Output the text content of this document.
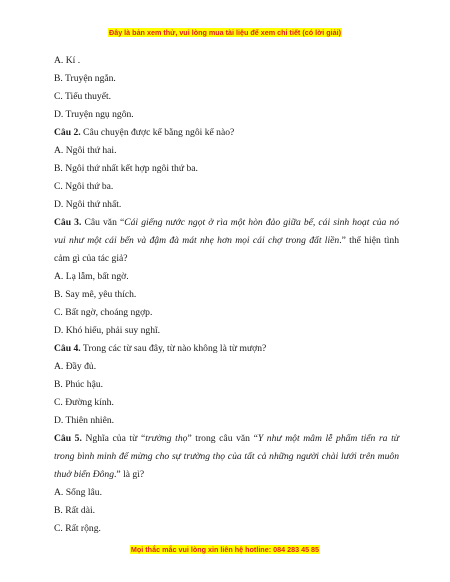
Đây là bản xem thử, vui lòng mua tài liệu để xem chi tiết (có lời giải)
A. Kí .
B. Truyện ngắn.
C. Tiểu thuyết.
D. Truyện ngụ ngôn.
Câu 2. Câu chuyện được kể bằng ngôi kể nào?
A. Ngôi thứ hai.
B. Ngôi thứ nhất kết hợp ngôi thứ ba.
C. Ngôi thứ ba.
D. Ngôi thứ nhất.
Câu 3. Câu văn “Cái giếng nước ngọt ở rìa một hòn đảo giữa bể, cái sinh hoạt của nó vui như một cái bến và đậm đà mát nhẹ hơn mọi cái chợ trong đất liền.” thể hiện tình cảm gì của tác giả?
A. Lạ lẫm, bất ngờ.
B. Say mê, yêu thích.
C. Bất ngờ, choáng ngợp.
D. Khó hiểu, phải suy nghĩ.
Câu 4. Trong các từ sau đây, từ nào không là từ mượn?
A. Đầy đủ.
B. Phúc hậu.
C. Đường kính.
D. Thiên nhiên.
Câu 5. Nghĩa của từ “trường thọ” trong câu văn “Y như một mâm lễ phẩm tiến ra từ trong bình minh để mừng cho sự trường thọ của tất cả những người chài lưới trên muôn thuở biển Đông.” là gì?
A. Sống lâu.
B. Rất dài.
C. Rất rộng.
Mọi thắc mắc vui lòng xin liên hệ hotline: 084 283 45 85
